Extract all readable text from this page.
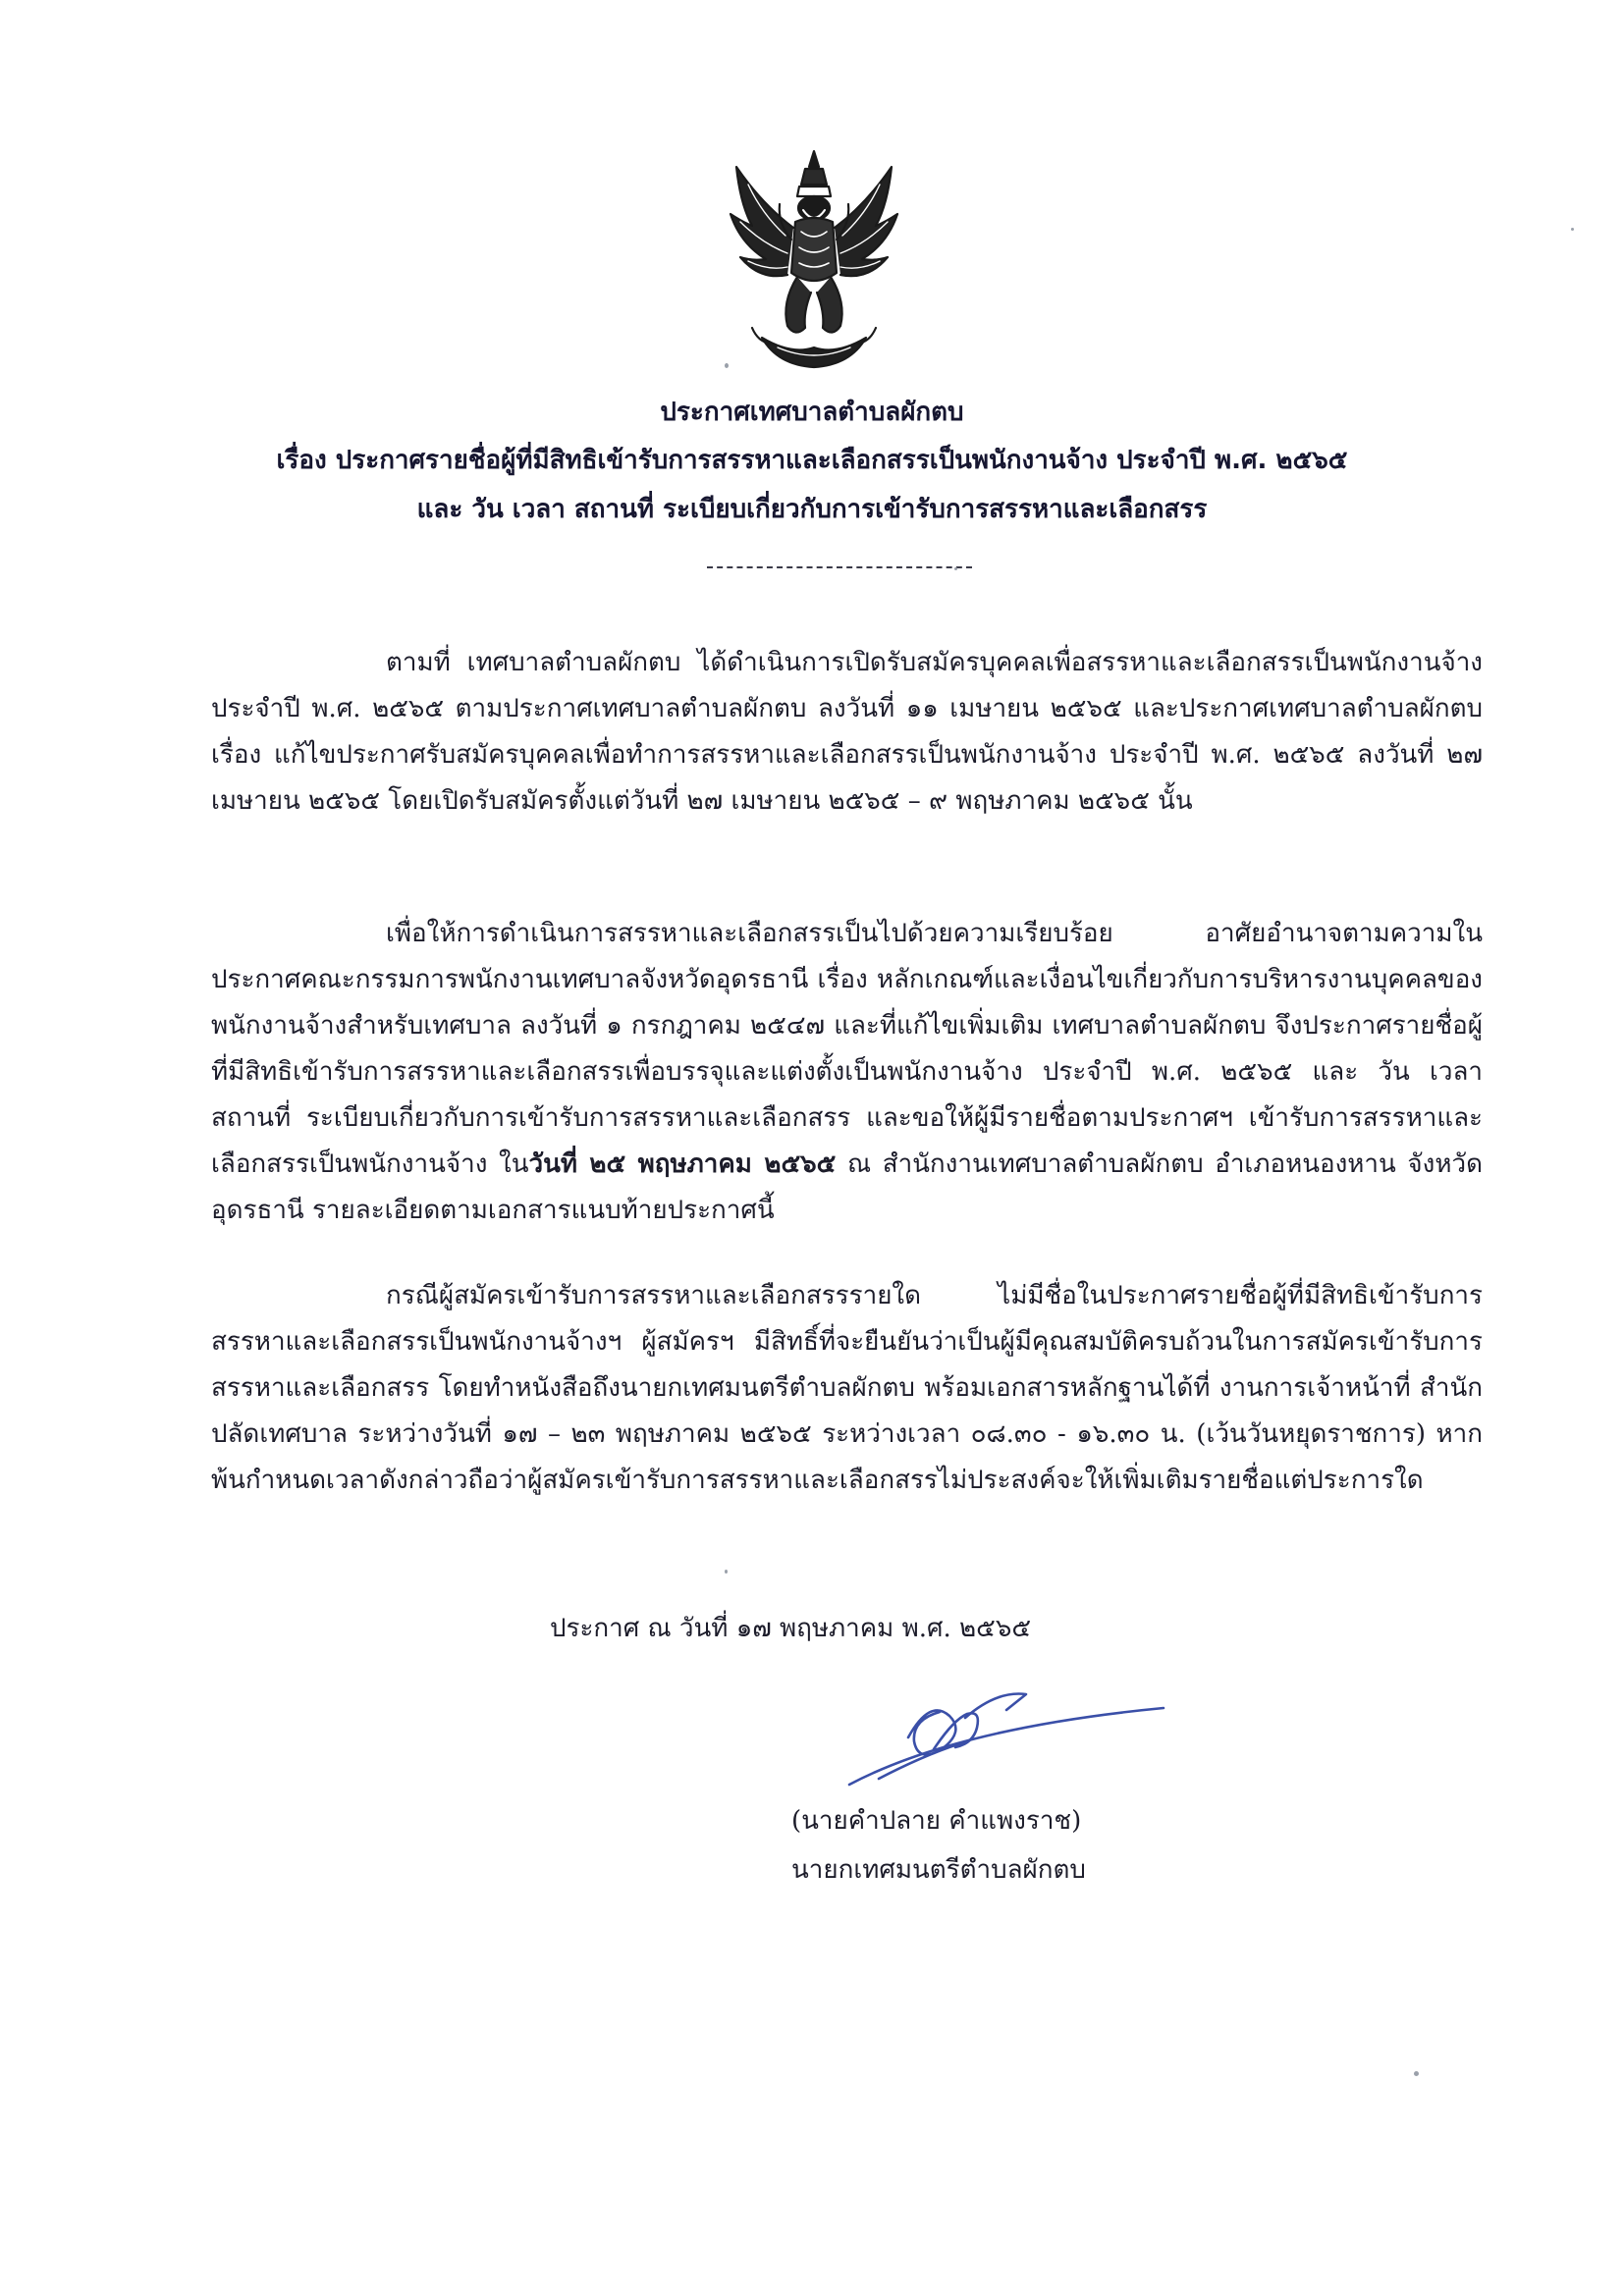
ประกาศเทศบาลตำบลผักตบ
เรื่อง ประกาศรายชื่อผู้ที่มีสิทธิเข้ารับการสรรหาและเลือกสรรเป็นพนักงานจ้าง ประจำปี พ.ศ. ๒๕๖๕
และ วัน เวลา สถานที่ ระเบียบเกี่ยวกับการเข้ารับการสรรหาและเลือกสรร

ตามที่ เทศบาลตำบลผักตบ ได้ดำเนินการเปิดรับสมัครบุคคลเพื่อสรรหาและเลือกสรรเป็นพนักงานจ้าง ประจำปี พ.ศ. ๒๕๖๕ ตามประกาศเทศบาลตำบลผักตบ ลงวันที่ ๑๑ เมษายน ๒๕๖๕ และประกาศเทศบาลตำบลผักตบ เรื่อง แก้ไขประกาศรับสมัครบุคคลเพื่อทำการสรรหาและเลือกสรรเป็นพนักงานจ้าง ประจำปี พ.ศ. ๒๕๖๕ ลงวันที่ ๒๗ เมษายน ๒๕๖๕ โดยเปิดรับสมัครตั้งแต่วันที่ ๒๗ เมษายน ๒๕๖๕ – ๙ พฤษภาคม ๒๕๖๕ นั้น

เพื่อให้การดำเนินการสรรหาและเลือกสรรเป็นไปด้วยความเรียบร้อย อาศัยอำนาจตามความในประกาศคณะกรรมการพนักงานเทศบาลจังหวัดอุดรธานี เรื่อง หลักเกณฑ์และเงื่อนไขเกี่ยวกับการบริหารงานบุคคลของพนักงานจ้างสำหรับเทศบาล ลงวันที่ ๑ กรกฎาคม ๒๕๔๗ และที่แก้ไขเพิ่มเติม เทศบาลตำบลผักตบ จึงประกาศรายชื่อผู้ที่มีสิทธิเข้ารับการสรรหาและเลือกสรรเพื่อบรรจุและแต่งตั้งเป็นพนักงานจ้าง ประจำปี พ.ศ. ๒๕๖๕ และ วัน เวลา สถานที่ ระเบียบเกี่ยวกับการเข้ารับการสรรหาและเลือกสรร และขอให้ผู้มีรายชื่อตามประกาศฯ เข้ารับการสรรหาและเลือกสรรเป็นพนักงานจ้าง ในวันที่ ๒๕ พฤษภาคม ๒๕๖๕ ณ สำนักงานเทศบาลตำบลผักตบ อำเภอหนองหาน จังหวัดอุดรธานี รายละเอียดตามเอกสารแนบท้ายประกาศนี้

กรณีผู้สมัครเข้ารับการสรรหาและเลือกสรรรายใด ไม่มีชื่อในประกาศรายชื่อผู้ที่มีสิทธิเข้ารับการสรรหาและเลือกสรรเป็นพนักงานจ้างฯ ผู้สมัครฯ มีสิทธิ์ที่จะยืนยันว่าเป็นผู้มีคุณสมบัติครบถ้วนในการสมัครเข้ารับการสรรหาและเลือกสรร โดยทำหนังสือถึงนายกเทศมนตรีตำบลผักตบ พร้อมเอกสารหลักฐานได้ที่ งานการเจ้าหน้าที่ สำนักปลัดเทศบาล ระหว่างวันที่ ๑๗ – ๒๓ พฤษภาคม ๒๕๖๕ ระหว่างเวลา ๐๘.๓๐ - ๑๖.๓๐ น. (เว้นวันหยุดราชการ) หากพ้นกำหนดเวลาดังกล่าวถือว่าผู้สมัครเข้ารับการสรรหาและเลือกสรรไม่ประสงค์จะให้เพิ่มเติมรายชื่อแต่ประการใด

ประกาศ ณ วันที่ ๑๗ พฤษภาคม พ.ศ. ๒๕๖๕
(นายคำปลาย คำแพงราช)
นายกเทศมนตรีตำบลผักตบ
